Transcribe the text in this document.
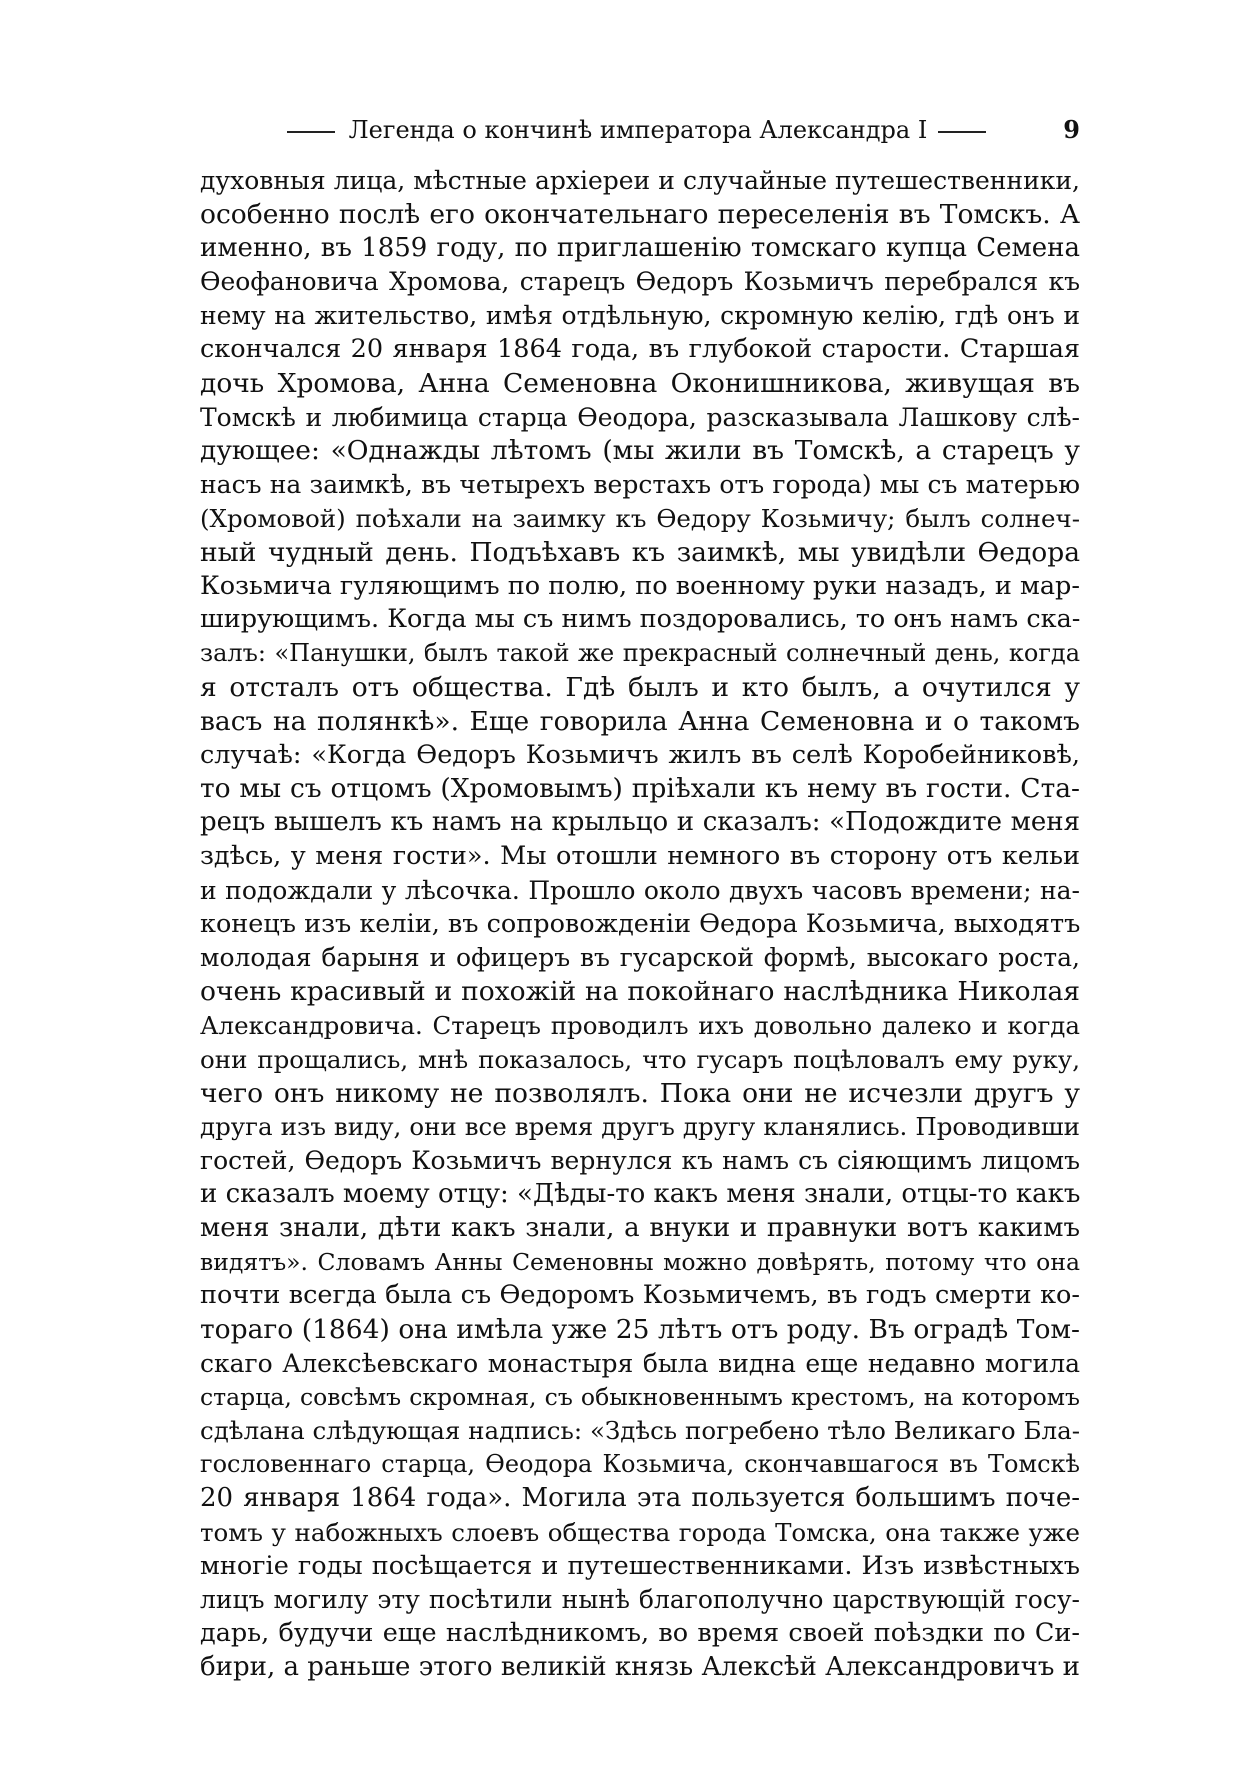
Легенда о кончинѣ императора Александра I	9
духовныя лица, мѣстные архіереи и случайные путешественники,
особенно послѣ его окончательнаго переселенія въ Томскъ. А
именно, въ 1859 году, по приглашенію томскаго купца Семена
Ѳеофановича Хромова, старецъ Ѳедоръ Козьмичъ перебрался къ
нему на жительство, имѣя отдѣльную, скромную келію, гдѣ онъ и
скончался 20 января 1864 года, въ глубокой старости. Старшая
дочь Хромова, Анна Семеновна Оконишникова, живущая въ
Томскѣ и любимица старца Ѳеодора, разсказывала Лашкову слѣ-
дующее: «Однажды лѣтомъ (мы жили въ Томскѣ, а старецъ у
насъ на заимкѣ, въ четырехъ верстахъ отъ города) мы съ матерью
(Хромовой) поѣхали на заимку къ Ѳедору Козьмичу; былъ солнеч-
ный чудный день. Подъѣхавъ къ заимкѣ, мы увидѣли Ѳедора
Козьмича гуляющимъ по полю, по военному руки назадъ, и мар-
ширующимъ. Когда мы съ нимъ поздоровались, то онъ намъ ска-
залъ: «Панушки, былъ такой же прекрасный солнечный день, когда
я отсталъ отъ общества. Гдѣ былъ и кто былъ, а очутился у
васъ на полянкѣ». Еще говорила Анна Семеновна и о такомъ
случаѣ: «Когда Ѳедоръ Козьмичъ жилъ въ селѣ Коробейниковѣ,
то мы съ отцомъ (Хромовымъ) пріѣхали къ нему въ гости. Ста-
рецъ вышелъ къ намъ на крыльцо и сказалъ: «Подождите меня
здѣсь, у меня гости». Мы отошли немного въ сторону отъ кельи
и подождали у лѣсочка. Прошло около двухъ часовъ времени; на-
конецъ изъ келіи, въ сопровожденіи Ѳедора Козьмича, выходятъ
молодая барыня и офицеръ въ гусарской формѣ, высокаго роста,
очень красивый и похожій на покойнаго наслѣдника Николая
Александровича. Старецъ проводилъ ихъ довольно далеко и когда
они прощались, мнѣ показалось, что гусаръ поцѣловалъ ему руку,
чего онъ никому не позволялъ. Пока они не исчезли другъ у
друга изъ виду, они все время другъ другу кланялись. Проводивши
гостей, Ѳедоръ Козьмичъ вернулся къ намъ съ сіяющимъ лицомъ
и сказалъ моему отцу: «Дѣды-то какъ меня знали, отцы-то какъ
меня знали, дѣти какъ знали, а внуки и правнуки вотъ какимъ
видятъ». Словамъ Анны Семеновны можно довѣрять, потому что она
почти всегда была съ Ѳедоромъ Козьмичемъ, въ годъ смерти ко-
тораго (1864) она имѣла уже 25 лѣтъ отъ роду. Въ оградѣ Том-
скаго Алексѣевскаго монастыря была видна еще недавно могила
старца, совсѣмъ скромная, съ обыкновеннымъ крестомъ, на которомъ
сдѣлана слѣдующая надпись: «Здѣсь погребено тѣло Великаго Бла-
гословеннаго старца, Ѳеодора Козьмича, скончавшагося въ Томскѣ
20 января 1864 года». Могила эта пользуется большимъ поче-
томъ у набожныхъ слоевъ общества города Томска, она также уже
многіе годы посѣщается и путешественниками. Изъ извѣстныхъ
лицъ могилу эту посѣтили нынѣ благополучно царствующій госу-
дарь, будучи еще наслѣдникомъ, во время своей поѣздки по Си-
бири, а раньше этого великій князь Алексѣй Александровичъ и
